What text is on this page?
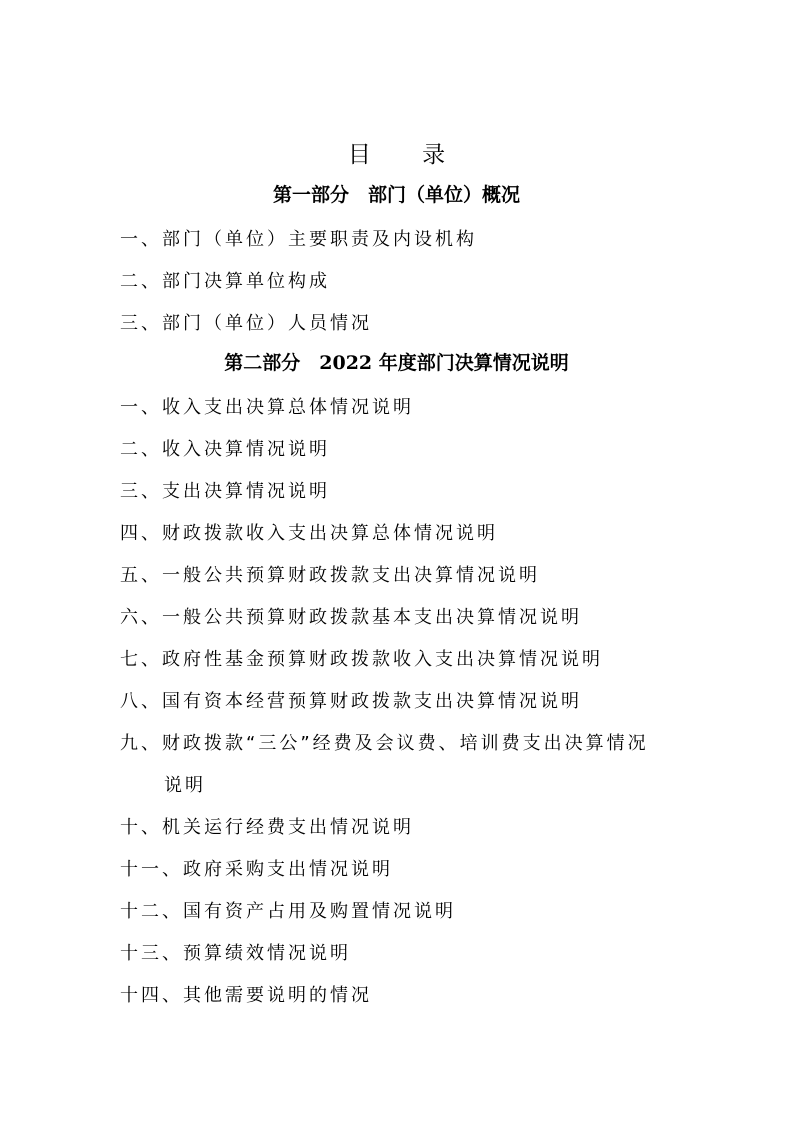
目 录
第一部分　部门（单位）概况
一、部门（单位）主要职责及内设机构
二、部门决算单位构成
三、部门（单位）人员情况
第二部分　2022 年度部门决算情况说明
一、收入支出决算总体情况说明
二、收入决算情况说明
三、支出决算情况说明
四、财政拨款收入支出决算总体情况说明
五、一般公共预算财政拨款支出决算情况说明
六、一般公共预算财政拨款基本支出决算情况说明
七、政府性基金预算财政拨款收入支出决算情况说明
八、国有资本经营预算财政拨款支出决算情况说明
九、财政拨款“三公”经费及会议费、培训费支出决算情况
说明
十、机关运行经费支出情况说明
十一、政府采购支出情况说明
十二、国有资产占用及购置情况说明
十三、预算绩效情况说明
十四、其他需要说明的情况
